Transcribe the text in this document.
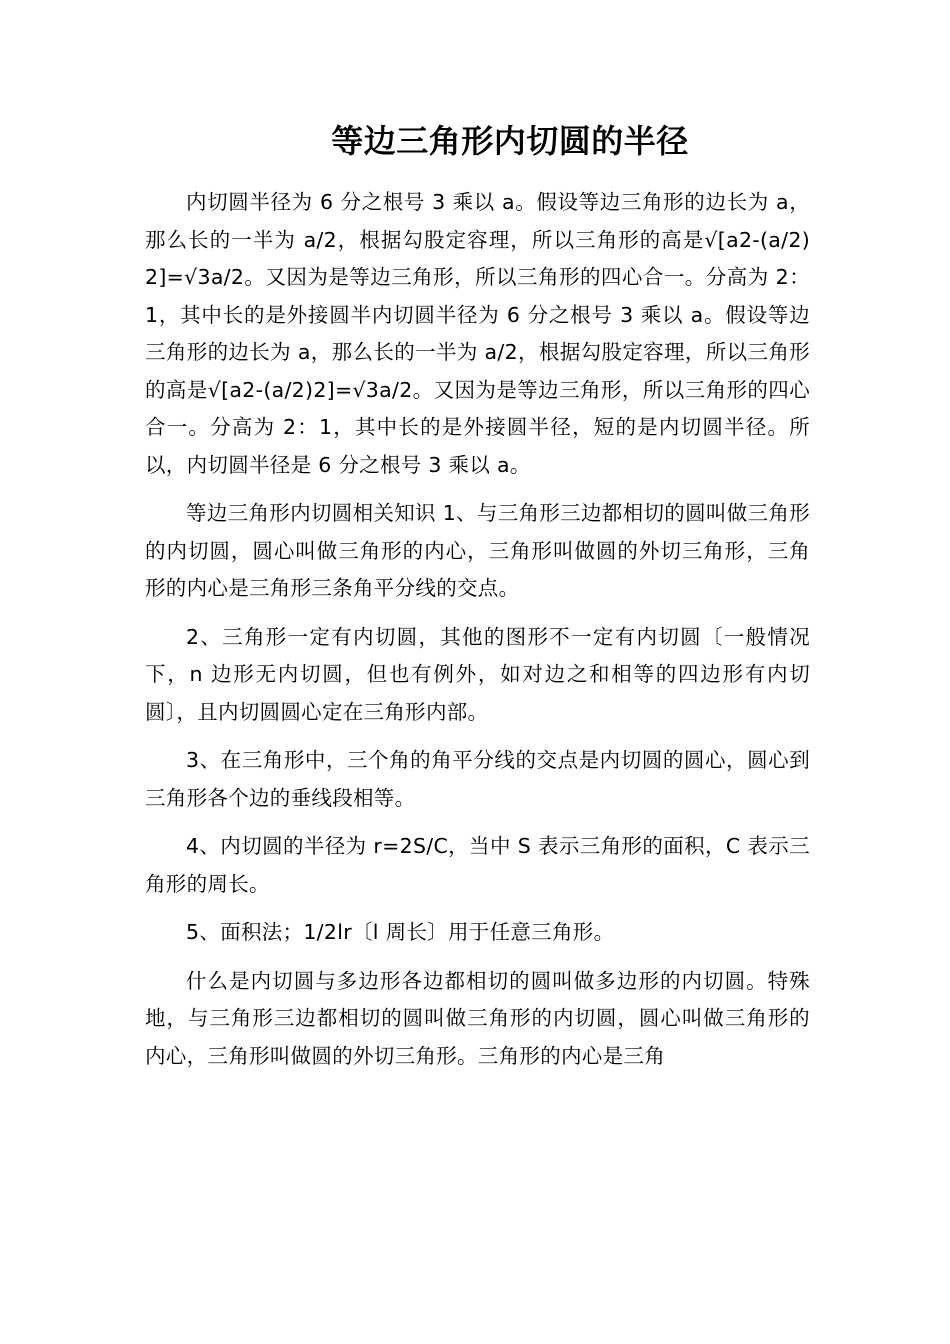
等边三角形内切圆的半径

内切圆半径为 6 分之根号 3 乘以 a。假设等边三角形的边长为 a，那么长的一半为 a/2，根据勾股定容理，所以三角形的高是√[a2-(a/2)2]=√3a/2。又因为是等边三角形，所以三角形的四心合一。分高为 2：1，其中长的是外接圆半内切圆半径为 6 分之根号 3 乘以 a。假设等边三角形的边长为 a，那么长的一半为 a/2，根据勾股定容理，所以三角形的高是√[a2-(a/2)2]=√3a/2。又因为是等边三角形，所以三角形的四心合一。分高为 2：1，其中长的是外接圆半径，短的是内切圆半径。所以，内切圆半径是 6 分之根号 3 乘以 a。

等边三角形内切圆相关知识 1、与三角形三边都相切的圆叫做三角形的内切圆，圆心叫做三角形的内心，三角形叫做圆的外切三角形，三角形的内心是三角形三条角平分线的交点。

2、三角形一定有内切圆，其他的图形不一定有内切圆〔一般情况下，n 边形无内切圆，但也有例外，如对边之和相等的四边形有内切圆〕，且内切圆圆心定在三角形内部。

3、在三角形中，三个角的角平分线的交点是内切圆的圆心，圆心到三角形各个边的垂线段相等。

4、内切圆的半径为 r=2S/C，当中 S 表示三角形的面积，C 表示三角形的周长。

5、面积法；1/2lr〔l 周长〕用于任意三角形。

什么是内切圆与多边形各边都相切的圆叫做多边形的内切圆。特殊地，与三角形三边都相切的圆叫做三角形的内切圆，圆心叫做三角形的内心，三角形叫做圆的外切三角形。三角形的内心是三角
